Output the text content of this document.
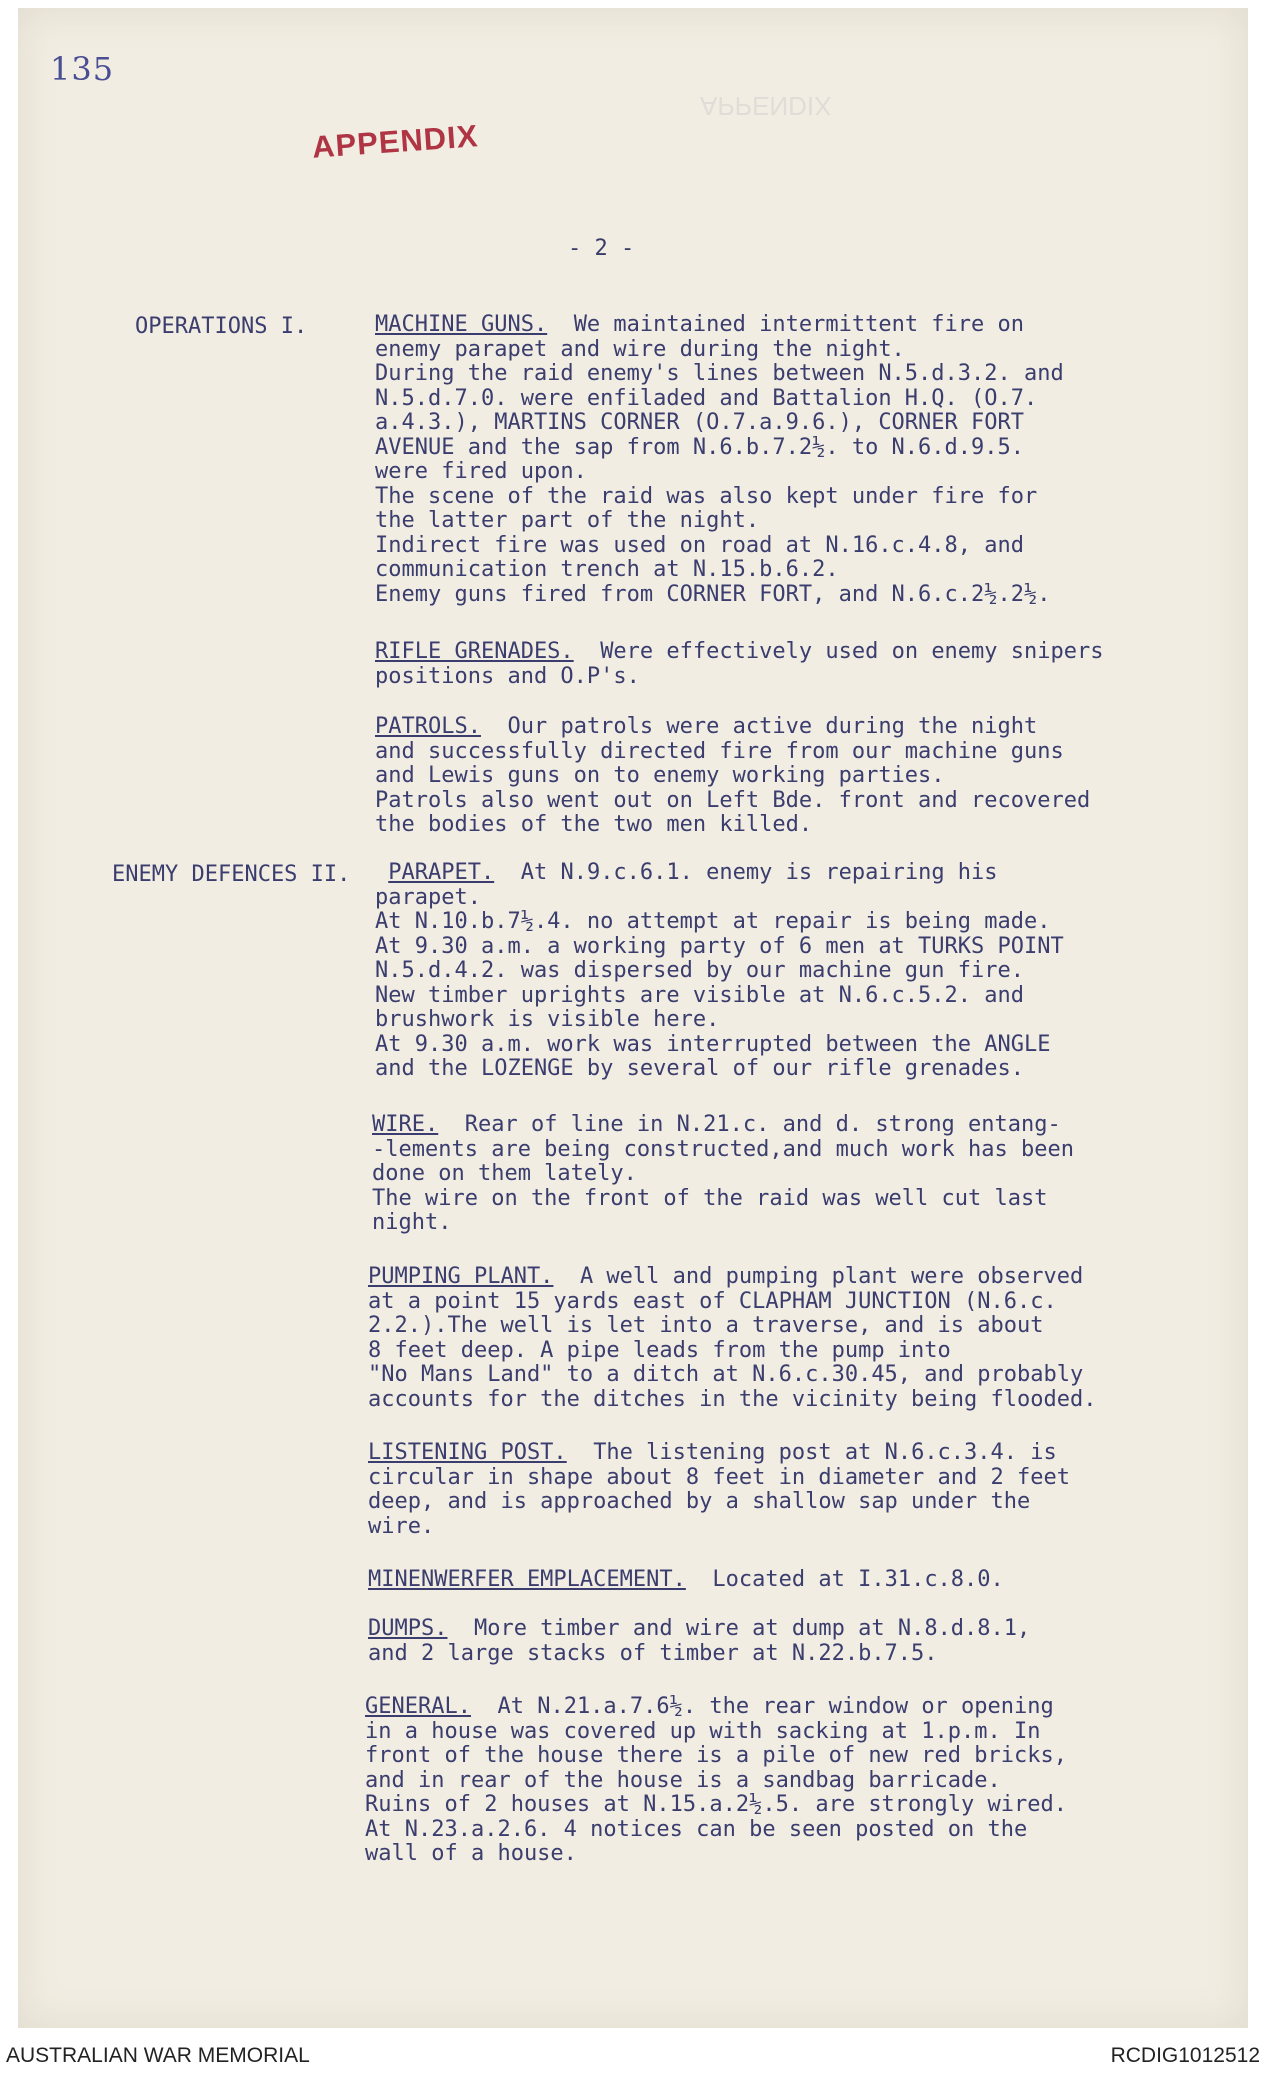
APPENDIX
135
APPENDIX
- 2 -
OPERATIONS I.
ENEMY DEFENCES II.
MACHINE GUNS. We maintained intermittent fire on
enemy parapet and wire during the night.
During the raid enemy's lines between N.5.d.3.2. and
N.5.d.7.0. were enfiladed and Battalion H.Q. (O.7.
a.4.3.), MARTINS CORNER (O.7.a.9.6.), CORNER FORT
AVENUE and the sap from N.6.b.7.2½. to N.6.d.9.5.
were fired upon.
The scene of the raid was also kept under fire for
the latter part of the night.
Indirect fire was used on road at N.16.c.4.8, and
communication trench at N.15.b.6.2.
Enemy guns fired from CORNER FORT, and N.6.c.2½.2½.
RIFLE GRENADES. Were effectively used on enemy snipers
positions and O.P's.
PATROLS. Our patrols were active during the night
and successfully directed fire from our machine guns
and Lewis guns on to enemy working parties.
Patrols also went out on Left Bde. front and recovered
the bodies of the two men killed.
PARAPET. At N.9.c.6.1. enemy is repairing his
parapet.
At N.10.b.7½.4. no attempt at repair is being made.
At 9.30 a.m. a working party of 6 men at TURKS POINT
N.5.d.4.2. was dispersed by our machine gun fire.
New timber uprights are visible at N.6.c.5.2. and
brushwork is visible here.
At 9.30 a.m. work was interrupted between the ANGLE
and the LOZENGE by several of our rifle grenades.
WIRE. Rear of line in N.21.c. and d. strong entang-
-lements are being constructed,and much work has been
done on them lately.
The wire on the front of the raid was well cut last
night.
PUMPING PLANT. A well and pumping plant were observed
at a point 15 yards east of CLAPHAM JUNCTION (N.6.c.
2.2.).The well is let into a traverse, and is about
8 feet deep. A pipe leads from the pump into
"No Mans Land" to a ditch at N.6.c.30.45, and probably
accounts for the ditches in the vicinity being flooded.
LISTENING POST. The listening post at N.6.c.3.4. is
circular in shape about 8 feet in diameter and 2 feet
deep, and is approached by a shallow sap under the
wire.
MINENWERFER EMPLACEMENT. Located at I.31.c.8.0.
DUMPS. More timber and wire at dump at N.8.d.8.1,
and 2 large stacks of timber at N.22.b.7.5.
GENERAL. At N.21.a.7.6½. the rear window or opening
in a house was covered up with sacking at 1.p.m. In
front of the house there is a pile of new red bricks,
and in rear of the house is a sandbag barricade.
Ruins of 2 houses at N.15.a.2½.5. are strongly wired.
At N.23.a.2.6. 4 notices can be seen posted on the
wall of a house.
AUSTRALIAN WAR MEMORIAL	RCDIG1012512
